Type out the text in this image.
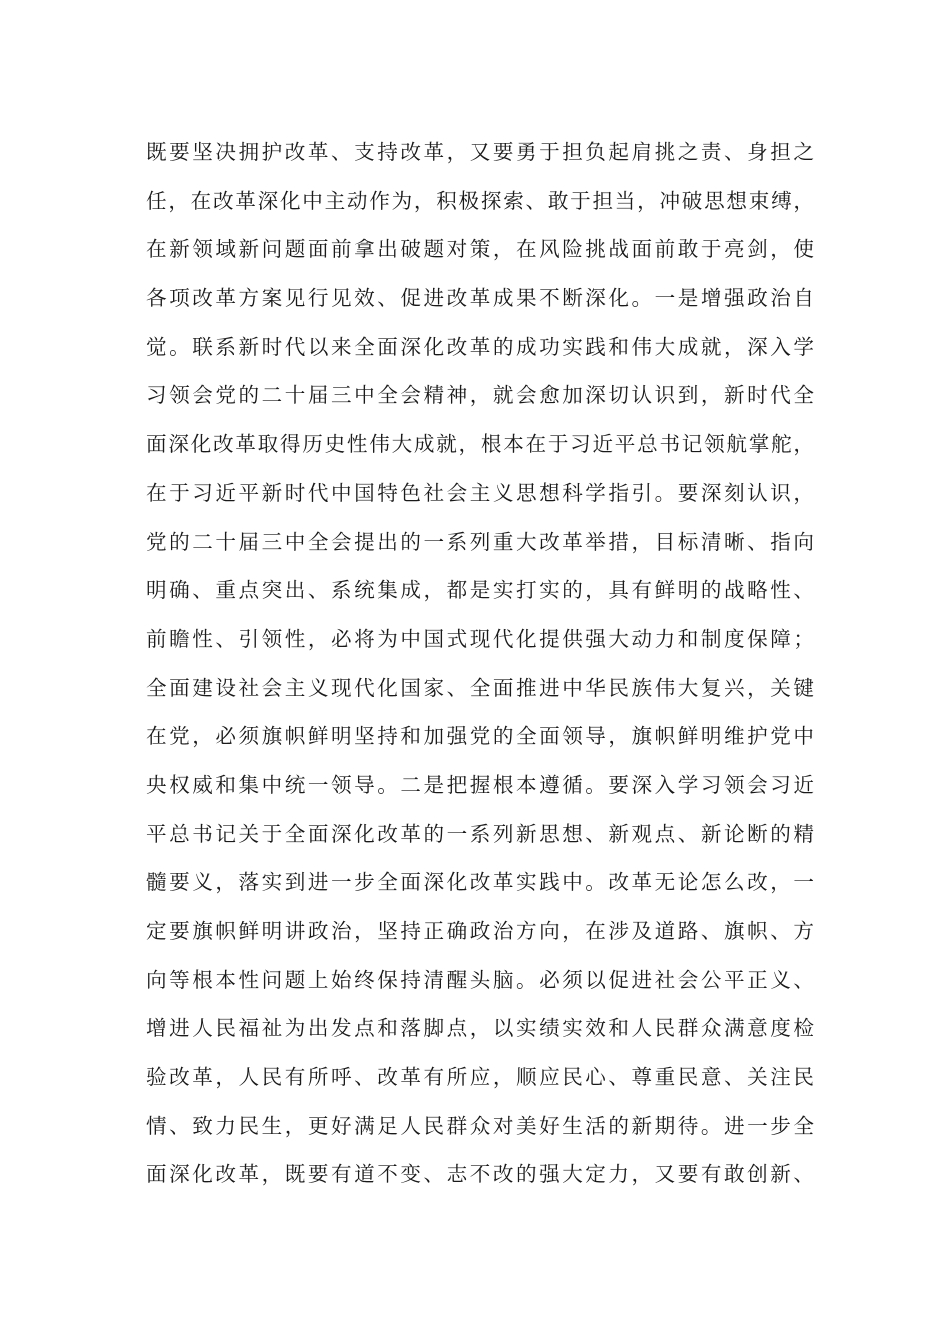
既要坚决拥护改革、支持改革，又要勇于担负起肩挑之责、身担之
任，在改革深化中主动作为，积极探索、敢于担当，冲破思想束缚，
在新领域新问题面前拿出破题对策，在风险挑战面前敢于亮剑，使
各项改革方案见行见效、促进改革成果不断深化。一是增强政治自
觉。联系新时代以来全面深化改革的成功实践和伟大成就，深入学
习领会党的二十届三中全会精神，就会愈加深切认识到，新时代全
面深化改革取得历史性伟大成就，根本在于习近平总书记领航掌舵，
在于习近平新时代中国特色社会主义思想科学指引。要深刻认识，
党的二十届三中全会提出的一系列重大改革举措，目标清晰、指向
明确、重点突出、系统集成，都是实打实的，具有鲜明的战略性、
前瞻性、引领性，必将为中国式现代化提供强大动力和制度保障；
全面建设社会主义现代化国家、全面推进中华民族伟大复兴，关键
在党，必须旗帜鲜明坚持和加强党的全面领导，旗帜鲜明维护党中
央权威和集中统一领导。二是把握根本遵循。要深入学习领会习近
平总书记关于全面深化改革的一系列新思想、新观点、新论断的精
髓要义，落实到进一步全面深化改革实践中。改革无论怎么改，一
定要旗帜鲜明讲政治，坚持正确政治方向，在涉及道路、旗帜、方
向等根本性问题上始终保持清醒头脑。必须以促进社会公平正义、
增进人民福祉为出发点和落脚点，以实绩实效和人民群众满意度检
验改革，人民有所呼、改革有所应，顺应民心、尊重民意、关注民
情、致力民生，更好满足人民群众对美好生活的新期待。进一步全
面深化改革，既要有道不变、志不改的强大定力，又要有敢创新、
